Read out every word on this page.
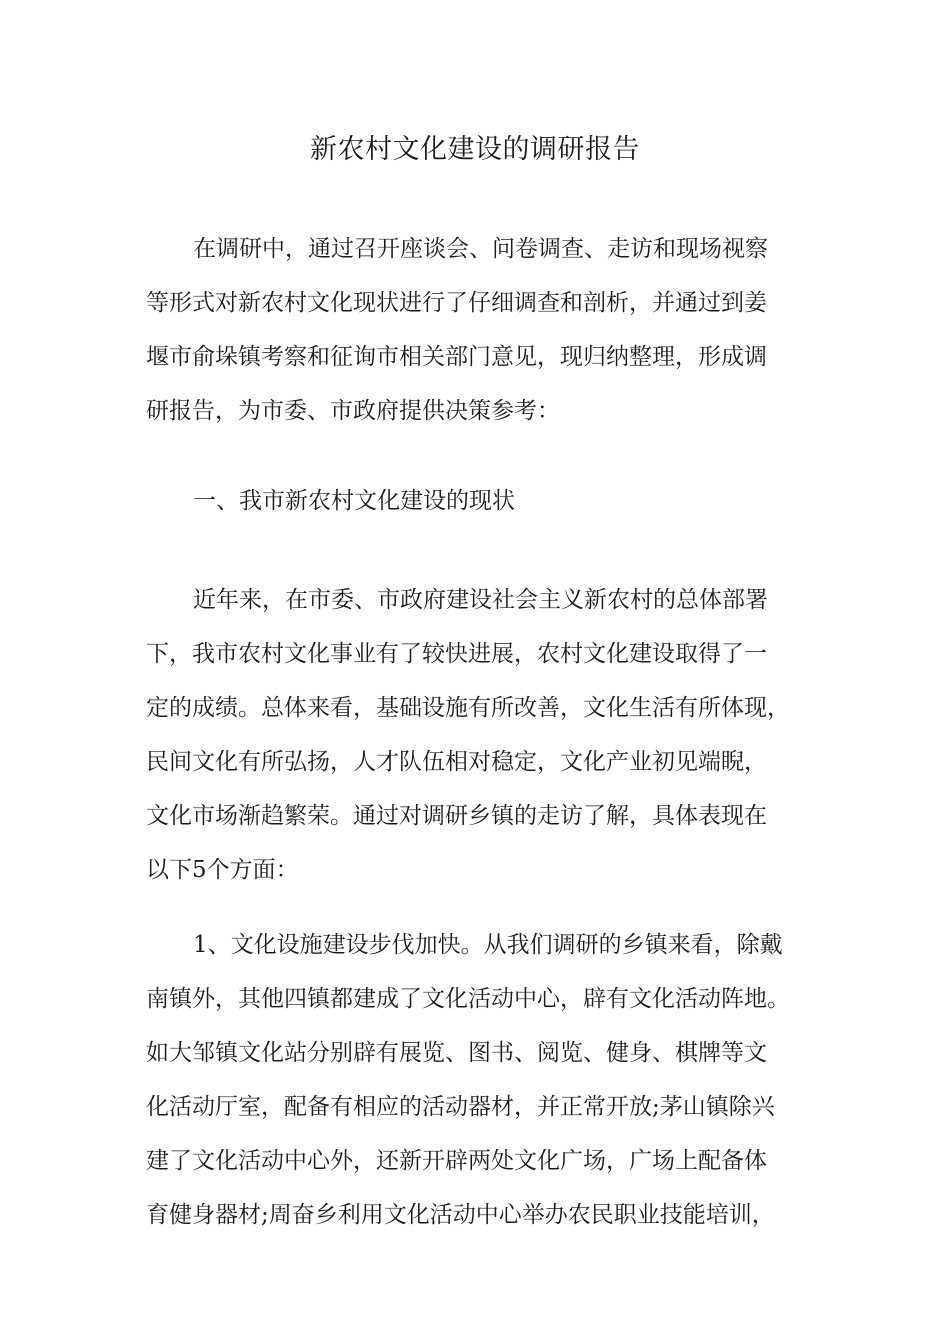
新农村文化建设的调研报告
在调研中，通过召开座谈会、问卷调查、走访和现场视察
等形式对新农村文化现状进行了仔细调查和剖析，并通过到姜
堰市俞垛镇考察和征询市相关部门意见，现归纳整理，形成调
研报告，为市委、市政府提供决策参考：
一、我市新农村文化建设的现状
近年来，在市委、市政府建设社会主义新农村的总体部署
下，我市农村文化事业有了较快进展，农村文化建设取得了一
定的成绩。总体来看，基础设施有所改善，文化生活有所体现，
民间文化有所弘扬，人才队伍相对稳定，文化产业初见端睨，
文化市场渐趋繁荣。通过对调研乡镇的走访了解，具体表现在
以下5个方面：
1、文化设施建设步伐加快。从我们调研的乡镇来看，除戴
南镇外，其他四镇都建成了文化活动中心，辟有文化活动阵地。
如大邹镇文化站分别辟有展览、图书、阅览、健身、棋牌等文
化活动厅室，配备有相应的活动器材，并正常开放;茅山镇除兴
建了文化活动中心外，还新开辟两处文化广场，广场上配备体
育健身器材;周奋乡利用文化活动中心举办农民职业技能培训，
